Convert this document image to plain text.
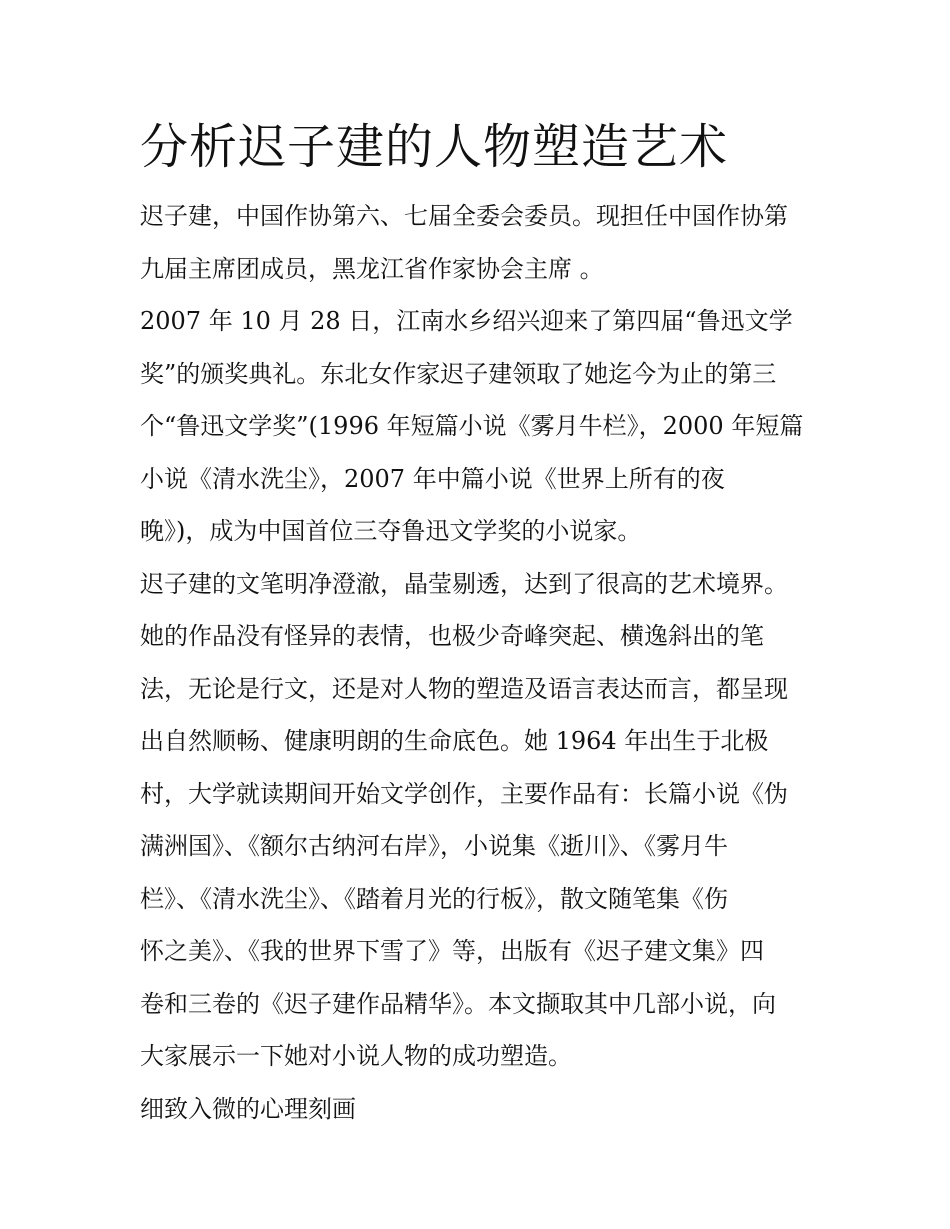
分析迟子建的人物塑造艺术

迟子建，中国作协第六、七届全委会委员。现担任中国作协第
九届主席团成员，黑龙江省作家协会主席 。

2007 年 10 月 28 日，江南水乡绍兴迎来了第四届“鲁迅文学
奖”的颁奖典礼。东北女作家迟子建领取了她迄今为止的第三
个“鲁迅文学奖”(1996 年短篇小说《雾月牛栏》，2000 年短篇
小说《清水洗尘》，2007 年中篇小说《世界上所有的夜
晚》)，成为中国首位三夺鲁迅文学奖的小说家。

迟子建的文笔明净澄澈，晶莹剔透，达到了很高的艺术境界。
她的作品没有怪异的表情，也极少奇峰突起、横逸斜出的笔
法，无论是行文，还是对人物的塑造及语言表达而言，都呈现
出自然顺畅、健康明朗的生命底色。她 1964 年出生于北极
村，大学就读期间开始文学创作，主要作品有：长篇小说《伪
满洲国》、《额尔古纳河右岸》，小说集《逝川》、《雾月牛
栏》、《清水洗尘》、《踏着月光的行板》，散文随笔集《伤
怀之美》、《我的世界下雪了》等，出版有《迟子建文集》四
卷和三卷的《迟子建作品精华》。本文撷取其中几部小说，向
大家展示一下她对小说人物的成功塑造。

细致入微的心理刻画
